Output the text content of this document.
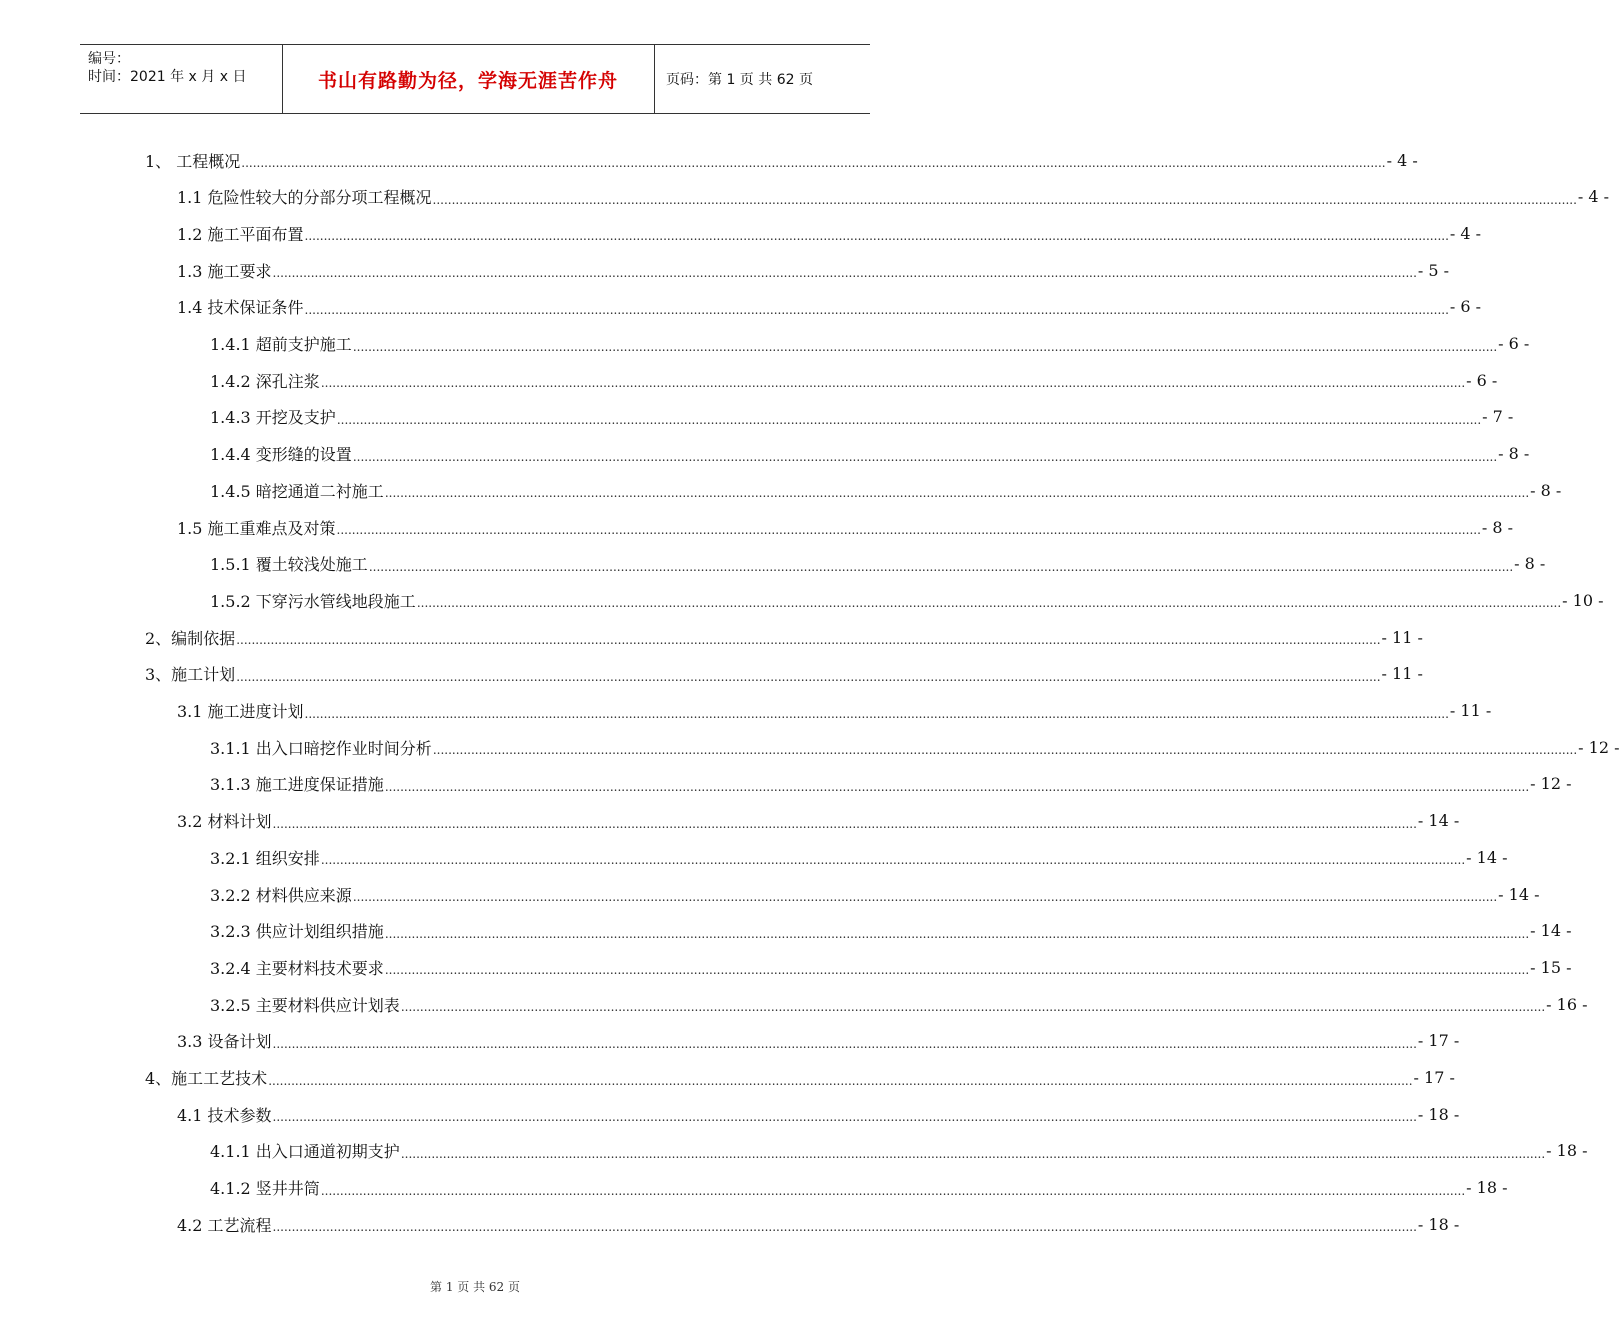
编号：
时间：2021 年 x 月 x 日	书山有路勤为径，学海无涯苦作舟	页码：第 1 页 共 62 页
1、 工程概况 ............................................................................................................................................................................................................................................................................................................ - 4 -
1.1 危险性较大的分部分项工程概况 ............................................................................................................................................................................................................................................................................................................ - 4 -
1.2 施工平面布置 ............................................................................................................................................................................................................................................................................................................ - 4 -
1.3 施工要求 ............................................................................................................................................................................................................................................................................................................ - 5 -
1.4 技术保证条件 ............................................................................................................................................................................................................................................................................................................ - 6 -
1.4.1 超前支护施工 ............................................................................................................................................................................................................................................................................................................ - 6 -
1.4.2 深孔注浆 ............................................................................................................................................................................................................................................................................................................ - 6 -
1.4.3 开挖及支护 ............................................................................................................................................................................................................................................................................................................ - 7 -
1.4.4 变形缝的设置 ............................................................................................................................................................................................................................................................................................................ - 8 -
1.4.5 暗挖通道二衬施工 ............................................................................................................................................................................................................................................................................................................ - 8 -
1.5 施工重难点及对策 ............................................................................................................................................................................................................................................................................................................ - 8 -
1.5.1 覆土较浅处施工 ............................................................................................................................................................................................................................................................................................................ - 8 -
1.5.2 下穿污水管线地段施工 ............................................................................................................................................................................................................................................................................................................ - 10 -
2、编制依据 ............................................................................................................................................................................................................................................................................................................ - 11 -
3、施工计划 ............................................................................................................................................................................................................................................................................................................ - 11 -
3.1 施工进度计划 ............................................................................................................................................................................................................................................................................................................ - 11 -
3.1.1 出入口暗挖作业时间分析 ............................................................................................................................................................................................................................................................................................................ - 12 -
3.1.3 施工进度保证措施 ............................................................................................................................................................................................................................................................................................................ - 12 -
3.2 材料计划 ............................................................................................................................................................................................................................................................................................................ - 14 -
3.2.1 组织安排 ............................................................................................................................................................................................................................................................................................................ - 14 -
3.2.2 材料供应来源 ............................................................................................................................................................................................................................................................................................................ - 14 -
3.2.3 供应计划组织措施 ............................................................................................................................................................................................................................................................................................................ - 14 -
3.2.4 主要材料技术要求 ............................................................................................................................................................................................................................................................................................................ - 15 -
3.2.5 主要材料供应计划表 ............................................................................................................................................................................................................................................................................................................ - 16 -
3.3 设备计划 ............................................................................................................................................................................................................................................................................................................ - 17 -
4、施工工艺技术 ............................................................................................................................................................................................................................................................................................................ - 17 -
4.1 技术参数 ............................................................................................................................................................................................................................................................................................................ - 18 -
4.1.1 出入口通道初期支护 ............................................................................................................................................................................................................................................................................................................ - 18 -
4.1.2 竖井井筒 ............................................................................................................................................................................................................................................................................................................ - 18 -
4.2 工艺流程 ............................................................................................................................................................................................................................................................................................................ - 18 -
第 1 页 共 62 页
